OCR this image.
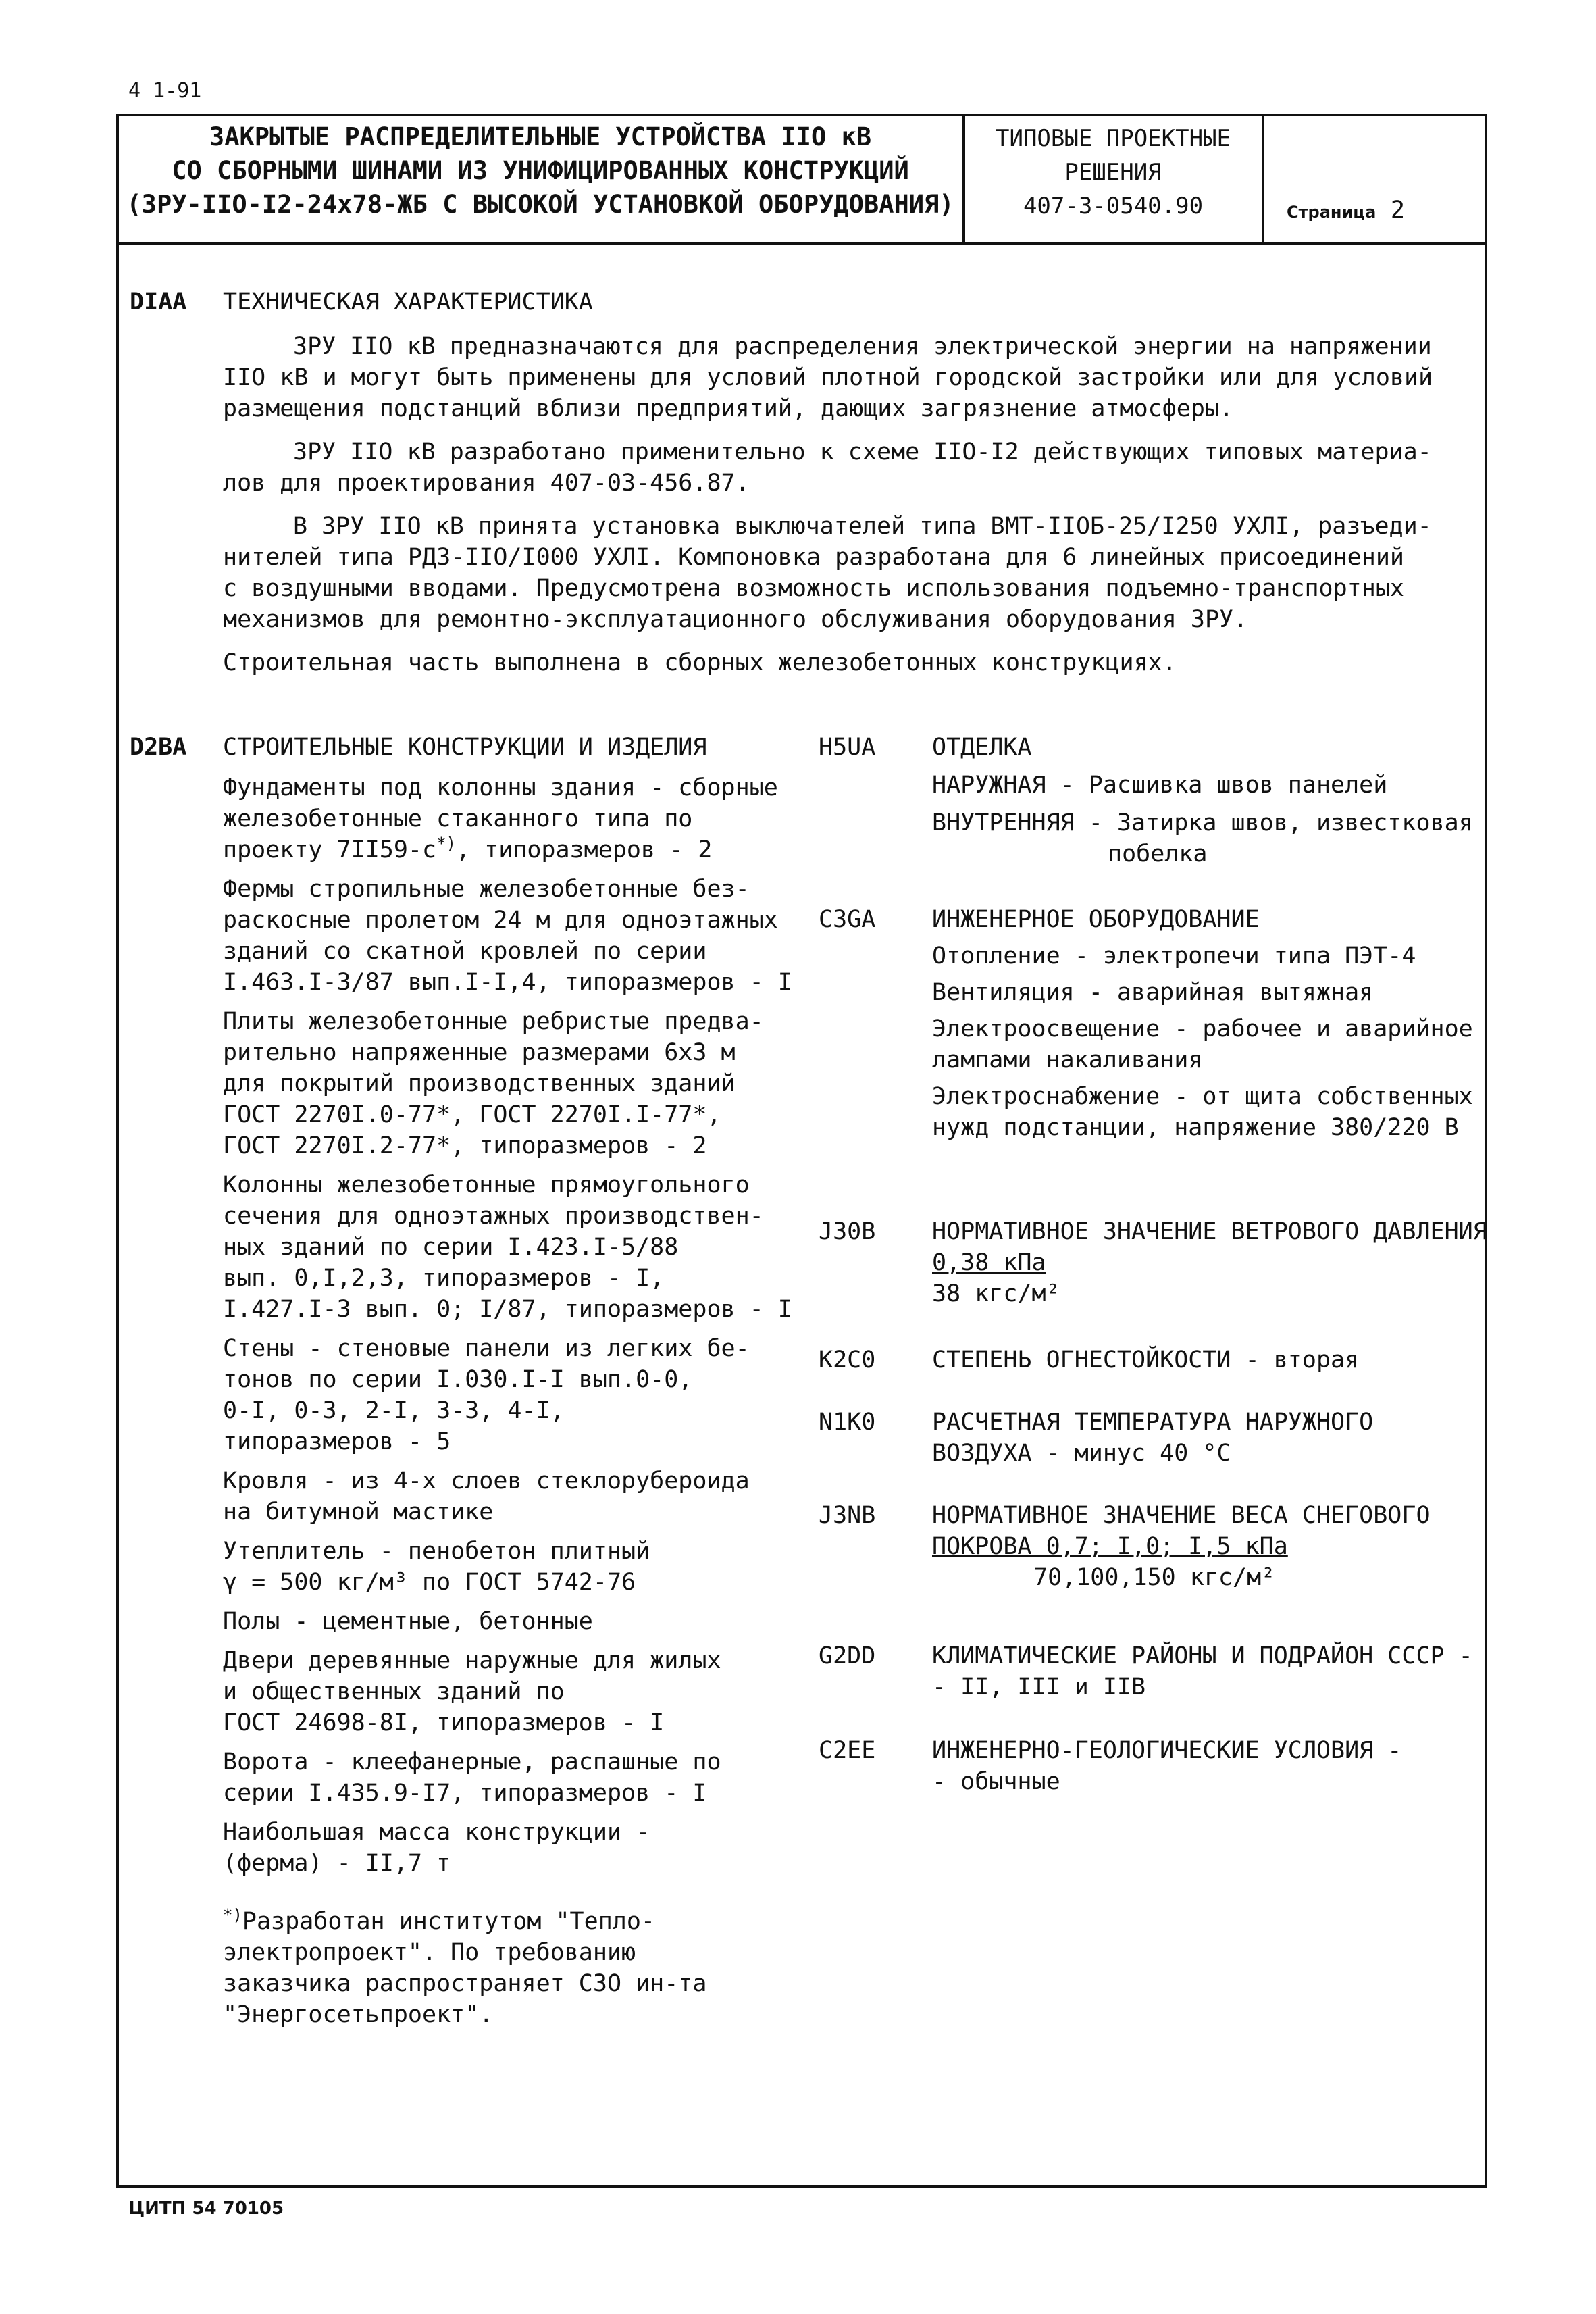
4 1-91
ЗАКРЫТЫЕ РАСПРЕДЕЛИТЕЛЬНЫЕ УСТРОЙСТВА IIO кВ
СО СБОРНЫМИ ШИНАМИ ИЗ УНИФИЦИРОВАННЫХ КОНСТРУКЦИЙ
(ЗРУ-IIO-I2-24x78-ЖБ С ВЫСОКОЙ УСТАНОВКОЙ ОБОРУДОВАНИЯ)
ТИПОВЫЕ ПРОЕКТНЫЕ
РЕШЕНИЯ
407-3-0540.90	Страница 2
DIAA ТЕХНИЧЕСКАЯ ХАРАКТЕРИСТИКА
ЗРУ IIO кВ предназначаются для распределения электрической энергии на напряжении
IIO кВ и могут быть применены для условий плотной городской застройки или для условий
размещения подстанций вблизи предприятий, дающих загрязнение атмосферы.
ЗРУ IIO кВ разработано применительно к схеме IIO-I2 действующих типовых материа-
лов для проектирования 407-03-456.87.
В ЗРУ IIO кВ принята установка выключателей типа ВМТ-IIOБ-25/I250 УХЛI, разъеди-
нителей типа РДЗ-IIO/I000 УХЛI. Компоновка разработана для 6 линейных присоединений
с воздушными вводами. Предусмотрена возможность использования подъемно-транспортных
механизмов для ремонтно-эксплуатационного обслуживания оборудования ЗРУ.
Строительная часть выполнена в сборных железобетонных конструкциях.
D2BA СТРОИТЕЛЬНЫЕ КОНСТРУКЦИИ И ИЗДЕЛИЯ
Фундаменты под колонны здания - сборные
железобетонные стаканного типа по
проекту 7II59-с*), типоразмеров - 2
Фермы стропильные железобетонные без-
раскосные пролетом 24 м для одноэтажных
зданий со скатной кровлей по серии
I.463.I-3/87 вып.I-I,4, типоразмеров - I
Плиты железобетонные ребристые предва-
рительно напряженные размерами 6х3 м
для покрытий производственных зданий
ГОСТ 2270I.0-77*, ГОСТ 2270I.I-77*,
ГОСТ 2270I.2-77*, типоразмеров - 2
Колонны железобетонные прямоугольного
сечения для одноэтажных производствен-
ных зданий по серии I.423.I-5/88
вып. 0,I,2,3, типоразмеров - I,
I.427.I-3 вып. 0; I/87, типоразмеров - I
Стены - стеновые панели из легких бе-
тонов по серии I.030.I-I вып.0-0,
0-I, 0-3, 2-I, 3-3, 4-I,
типоразмеров - 5
Кровля - из 4-х слоев стеклорубероида
на битумной мастике
Утеплитель - пенобетон плитный
γ = 500 кг/м³ по ГОСТ 5742-76
Полы - цементные, бетонные
Двери деревянные наружные для жилых
и общественных зданий по
ГОСТ 24698-8I, типоразмеров - I
Ворота - клеефанерные, распашные по
серии I.435.9-I7, типоразмеров - I
Наибольшая масса конструкции -
(ферма) - II,7 т
*)Разработан институтом "Тепло-
электропроект". По требованию
заказчика распространяет СЗО ин-та
"Энергосетьпроект".
H5UA ОТДЕЛКА
НАРУЖНАЯ - Расшивка швов панелей
ВНУТРЕННЯЯ - Затирка швов, известковая
побелка
C3GA ИНЖЕНЕРНОЕ ОБОРУДОВАНИЕ
Отопление - электропечи типа ПЭТ-4
Вентиляция - аварийная вытяжная
Электроосвещение - рабочее и аварийное
лампами накаливания
Электроснабжение - от щита собственных
нужд подстанции, напряжение 380/220 В
J30B НОРМАТИВНОЕ ЗНАЧЕНИЕ ВЕТРОВОГО ДАВЛЕНИЯ
0,38 кПа
38 кгс/м²
K2C0 СТЕПЕНЬ ОГНЕСТОЙКОСТИ - вторая
N1K0 РАСЧЕТНАЯ ТЕМПЕРАТУРА НАРУЖНОГО
ВОЗДУХА - минус 40 °С
J3NB НОРМАТИВНОЕ ЗНАЧЕНИЕ ВЕСА СНЕГОВОГО
ПОКРОВА 0,7; I,0; I,5 кПа
70,100,150 кгс/м²
G2DD КЛИМАТИЧЕСКИЕ РАЙОНЫ И ПОДРАЙОН СССР -
- II, III и IIВ
C2EE ИНЖЕНЕРНО-ГЕОЛОГИЧЕСКИЕ УСЛОВИЯ -
- обычные
ЦИТП 54 70105
